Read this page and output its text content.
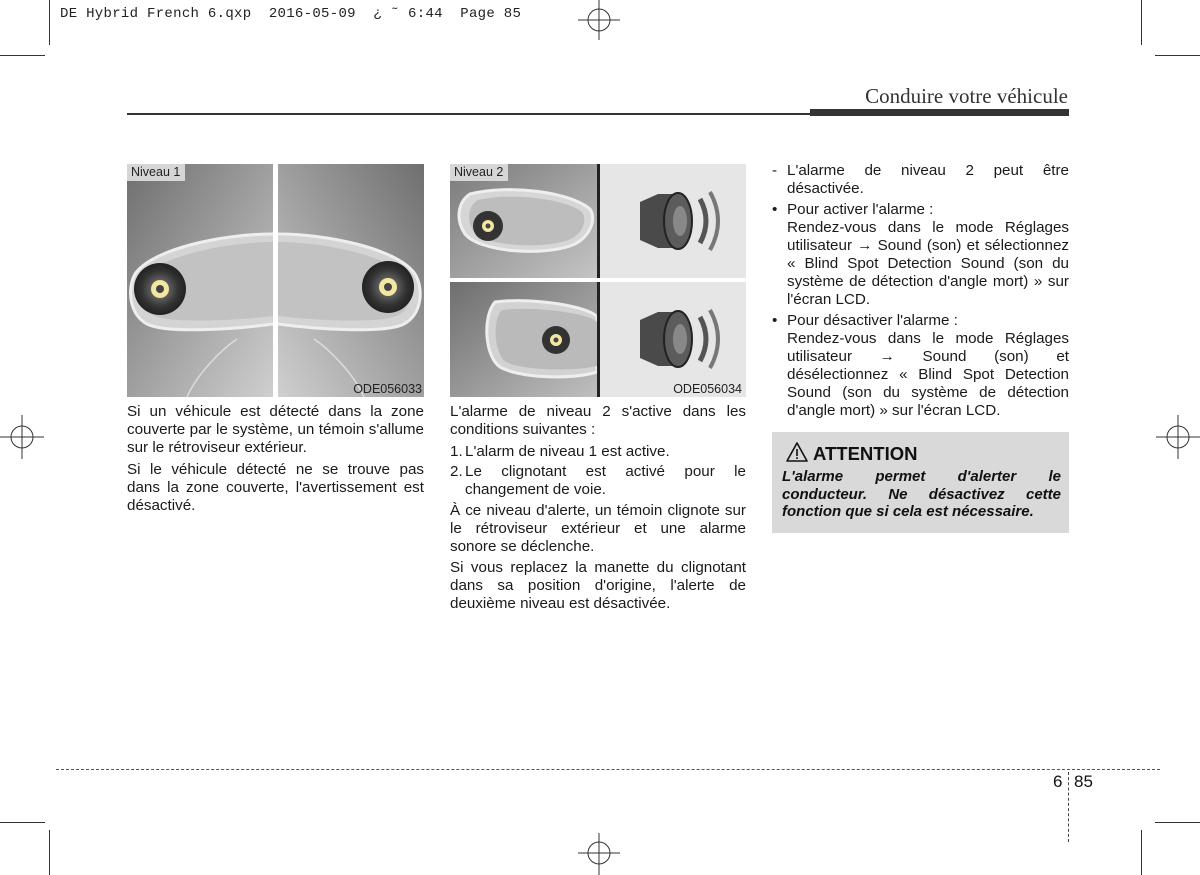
DE Hybrid French 6.qxp  2016-05-09  ¿ ˜ 6:44  Page 85
Conduire votre véhicule
Niveau 1
ODE056033
Niveau 2
ODE056034

Si un véhicule est détecté dans la zone couverte par le système, un témoin s'allume sur le rétroviseur extérieur.

Si le véhicule détecté ne se trouve pas dans la zone couverte, l'avertissement est désactivé.

L'alarme de niveau 2 s'active dans les conditions suivantes :

1. L'alarm de niveau 1 est active.
2. Le clignotant est activé pour le changement de voie.

À ce niveau d'alerte, un témoin clignote sur le rétroviseur extérieur et une alarme sonore se déclenche.

Si vous replacez la manette du clignotant dans sa position d'origine, l'alerte de deuxième niveau est désactivée.

- L'alarme de niveau 2 peut être désactivée.
• Pour activer l'alarme :
Rendez-vous dans le mode Réglages utilisateur → Sound (son) et sélectionnez « Blind Spot Detection Sound (son du système de détection d'angle mort) » sur l'écran LCD.
• Pour désactiver l'alarme :
Rendez-vous dans le mode Réglages utilisateur → Sound (son) et désélectionnez « Blind Spot Detection Sound (son du système de détection d'angle mort) » sur l'écran LCD.
ATTENTION
L'alarme permet d'alerter le conducteur. Ne désactivez cette fonction que si cela est nécessaire.
6 85
